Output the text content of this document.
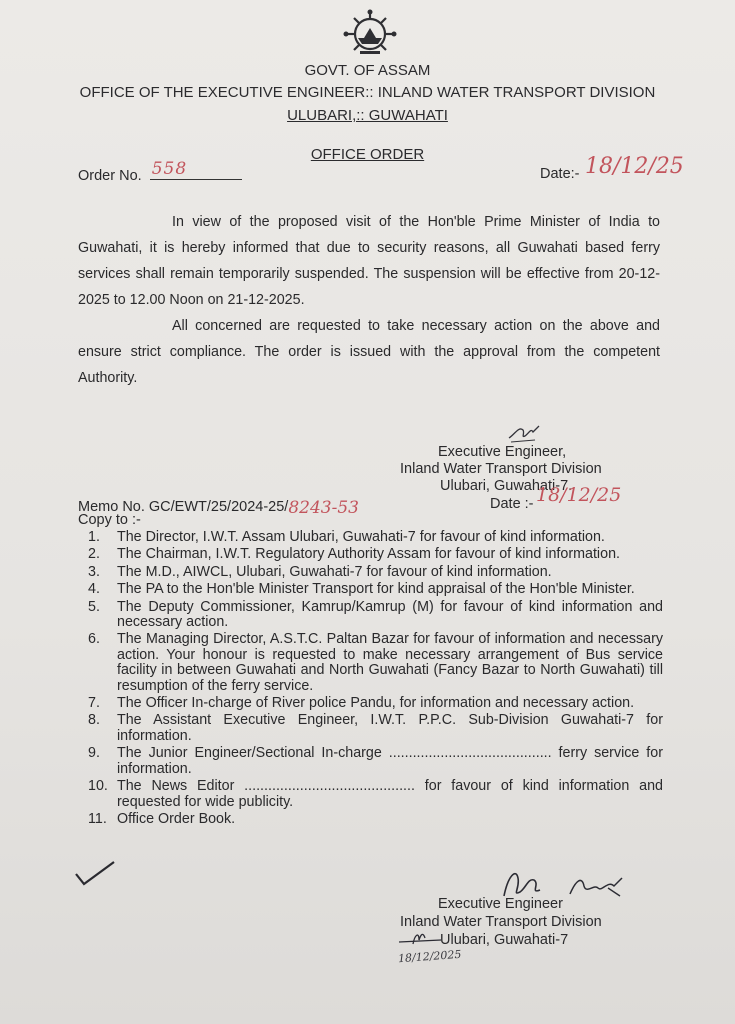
GOVT. OF ASSAM
OFFICE OF THE EXECUTIVE ENGINEER:: INLAND WATER TRANSPORT DIVISION
ULUBARI,:: GUWAHATI
OFFICE ORDER
Order No. 558	Date:- 18/12/25
In view of the proposed visit of the Hon'ble Prime Minister of India to Guwahati, it is hereby informed that due to security reasons, all Guwahati based ferry services shall remain temporarily suspended. The suspension will be effective from 20-12-2025 to 12.00 Noon on 21-12-2025.
All concerned are requested to take necessary action on the above and ensure strict compliance. The order is issued with the approval from the competent Authority.
Executive Engineer,
Inland Water Transport Division
Ulubari, Guwahati-7.
Memo No. GC/EWT/25/2024-25/8243-53	Date :- 18/12/25
Copy to :-
1. The Director, I.W.T. Assam Ulubari, Guwahati-7 for favour of kind information.
2. The Chairman, I.W.T. Regulatory Authority Assam for favour of kind information.
3. The M.D., AIWCL, Ulubari, Guwahati-7 for favour of kind information.
4. The PA to the Hon'ble Minister Transport for kind appraisal of the Hon'ble Minister.
5. The Deputy Commissioner, Kamrup/Kamrup (M) for favour of kind information and necessary action.
6. The Managing Director, A.S.T.C. Paltan Bazar for favour of information and necessary action. Your honour is requested to make necessary arrangement of Bus service facility in between Guwahati and North Guwahati (Fancy Bazar to North Guwahati) till resumption of the ferry service.
7. The Officer In-charge of River police Pandu, for information and necessary action.
8. The Assistant Executive Engineer, I.W.T. P.P.C. Sub-Division Guwahati-7 for information.
9. The Junior Engineer/Sectional In-charge ......................................... ferry service for information.
10. The News Editor ........................................... for favour of kind information and requested for wide publicity.
11. Office Order Book.
Executive Engineer
Inland Water Transport Division
Ulubari, Guwahati-7
18/12/2025
